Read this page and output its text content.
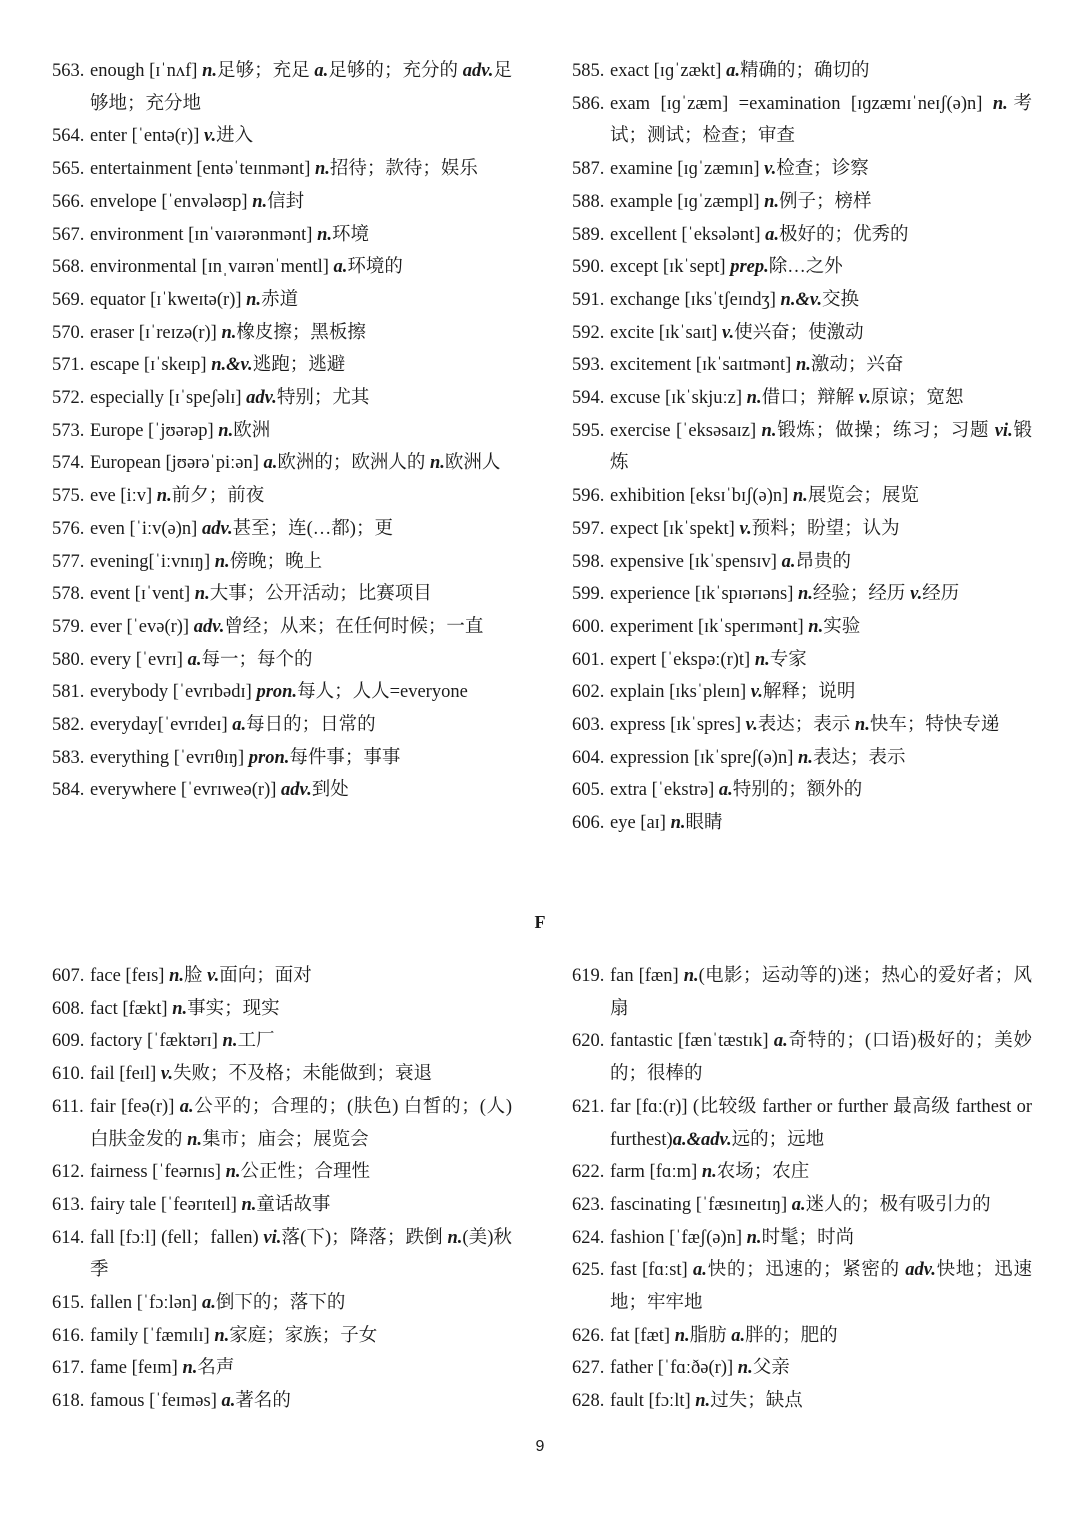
563. enough [ɪˈnʌf] n.足够；充足 a.足够的；充分的 adv.足够地；充分地
564. enter [ˈentə(r)] v.进入
565. entertainment [entəˈteɪnmənt] n.招待；款待；娱乐
566. envelope [ˈenvələʊp] n.信封
567. environment [ɪnˈvaɪərənmənt] n.环境
568. environmental [ɪnˌvaɪrənˈmentl] a.环境的
569. equator [ɪˈkweɪtə(r)] n.赤道
570. eraser [ɪˈreɪzə(r)] n.橡皮擦；黑板擦
571. escape [ɪˈskeɪp] n.&v.逃跑；逃避
572. especially [ɪˈspeʃəlɪ] adv.特别；尤其
573. Europe [ˈjʊərəp] n.欧洲
574. European [jʊərəˈpiːən] a.欧洲的；欧洲人的 n.欧洲人
575. eve [iːv] n.前夕；前夜
576. even [ˈiːv(ə)n] adv.甚至；连(…都)；更
577. evening[ˈiːvnɪŋ] n.傍晚；晚上
578. event [ɪˈvent] n.大事；公开活动；比赛项目
579. ever [ˈevə(r)] adv.曾经；从来；在任何时候；一直
580. every [ˈevrɪ] a.每一；每个的
581. everybody [ˈevrɪbədɪ] pron.每人；人人=everyone
582. everyday[ˈevrɪdeɪ] a.每日的；日常的
583. everything [ˈevrɪθɪŋ] pron.每件事；事事
584. everywhere [ˈevrɪweə(r)] adv.到处
585. exact [ɪɡˈzækt] a.精确的；确切的
586. exam [ɪɡˈzæm] =examination [ɪɡzæmɪˈneɪʃ(ə)n] n.考试；测试；检查；审查
587. examine [ɪɡˈzæmɪn] v.检查；诊察
588. example [ɪɡˈzæmpl] n.例子；榜样
589. excellent [ˈeksələnt] a.极好的；优秀的
590. except [ɪkˈsept] prep.除…之外
591. exchange [ɪksˈtʃeɪndʒ] n.&v.交换
592. excite [ɪkˈsaɪt] v.使兴奋；使激动
593. excitement [ɪkˈsaɪtmənt] n.激动；兴奋
594. excuse [ɪkˈskjuːz] n.借口；辩解 v.原谅；宽恕
595. exercise [ˈeksəsaɪz] n.锻炼；做操；练习；习题 vi.锻炼
596. exhibition [eksɪˈbɪʃ(ə)n] n.展览会；展览
597. expect [ɪkˈspekt] v.预料；盼望；认为
598. expensive [ɪkˈspensɪv] a.昂贵的
599. experience [ɪkˈspɪərɪəns] n.经验；经历 v.经历
600. experiment [ɪkˈsperɪmənt] n.实验
601. expert [ˈekspəː(r)t] n.专家
602. explain [ɪksˈpleɪn] v.解释；说明
603. express [ɪkˈspres] v.表达；表示 n.快车；特快专递
604. expression [ɪkˈspreʃ(ə)n] n.表达；表示
605. extra [ˈekstrə] a.特别的；额外的
606. eye [aɪ] n.眼睛
F
607. face [feɪs] n.脸 v.面向；面对
608. fact [fækt] n.事实；现实
609. factory [ˈfæktərɪ] n.工厂
610. fail [feɪl] v.失败；不及格；未能做到；衰退
611. fair [feə(r)] a.公平的；合理的；(肤色) 白皙的；(人)白肤金发的 n.集市；庙会；展览会
612. fairness [ˈfeərnɪs] n.公正性；合理性
613. fairy tale [ˈfeərɪteɪl] n.童话故事
614. fall [fɔːl] (fell；fallen) vi.落(下)；降落；跌倒 n.(美)秋季
615. fallen [ˈfɔːlən] a.倒下的；落下的
616. family [ˈfæmɪlɪ] n.家庭；家族；子女
617. fame [feɪm] n.名声
618. famous [ˈfeɪməs] a.著名的
619. fan [fæn] n.(电影；运动等的)迷；热心的爱好者；风扇
620. fantastic [fænˈtæstɪk] a.奇特的；(口语)极好的；美妙的；很棒的
621. far [fɑː(r)] (比较级 farther or further 最高级 farthest or furthest)a.&adv.远的；远地
622. farm [fɑːm] n.农场；农庄
623. fascinating [ˈfæsɪneɪtɪŋ] a.迷人的；极有吸引力的
624. fashion [ˈfæʃ(ə)n] n.时髦；时尚
625. fast [fɑːst] a.快的；迅速的；紧密的 adv.快地；迅速地；牢牢地
626. fat [fæt] n.脂肪 a.胖的；肥的
627. father [ˈfɑːðə(r)] n.父亲
628. fault [fɔːlt] n.过失；缺点
9
